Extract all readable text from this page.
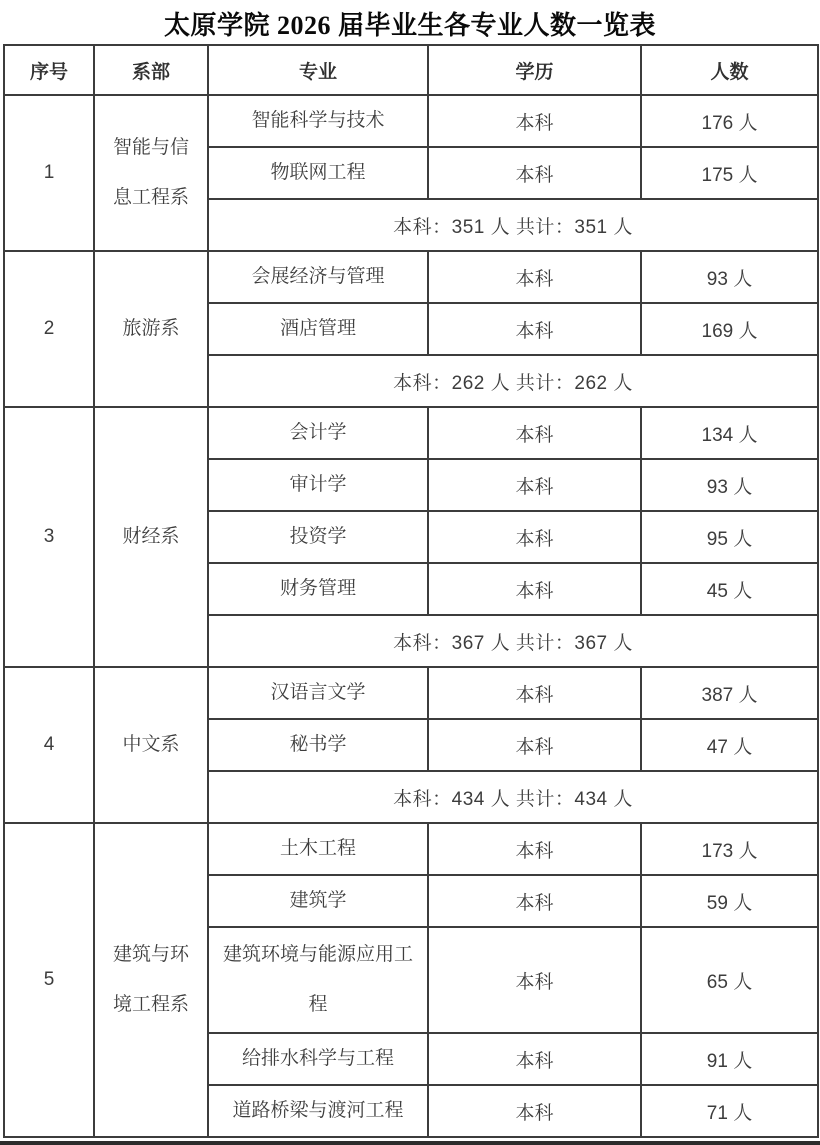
太原学院 2026 届毕业生各专业人数一览表
序号	系部	专业	学历	人数
1	智能与信息工程系	智能科学与技术	本科	176 人
		物联网工程	本科	175 人
		本科：351 人 共计：351 人		
2	旅游系	会展经济与管理	本科	93 人
		酒店管理	本科	169 人
		本科：262 人 共计：262 人		
3	财经系	会计学	本科	134 人
		审计学	本科	93 人
		投资学	本科	95 人
		财务管理	本科	45 人
		本科：367 人 共计：367 人		
4	中文系	汉语言文学	本科	387 人
		秘书学	本科	47 人
		本科：434 人 共计：434 人		
5	建筑与环境工程系	土木工程	本科	173 人
		建筑学	本科	59 人
		建筑环境与能源应用工程	本科	65 人
		给排水科学与工程	本科	91 人
		道路桥梁与渡河工程	本科	71 人
